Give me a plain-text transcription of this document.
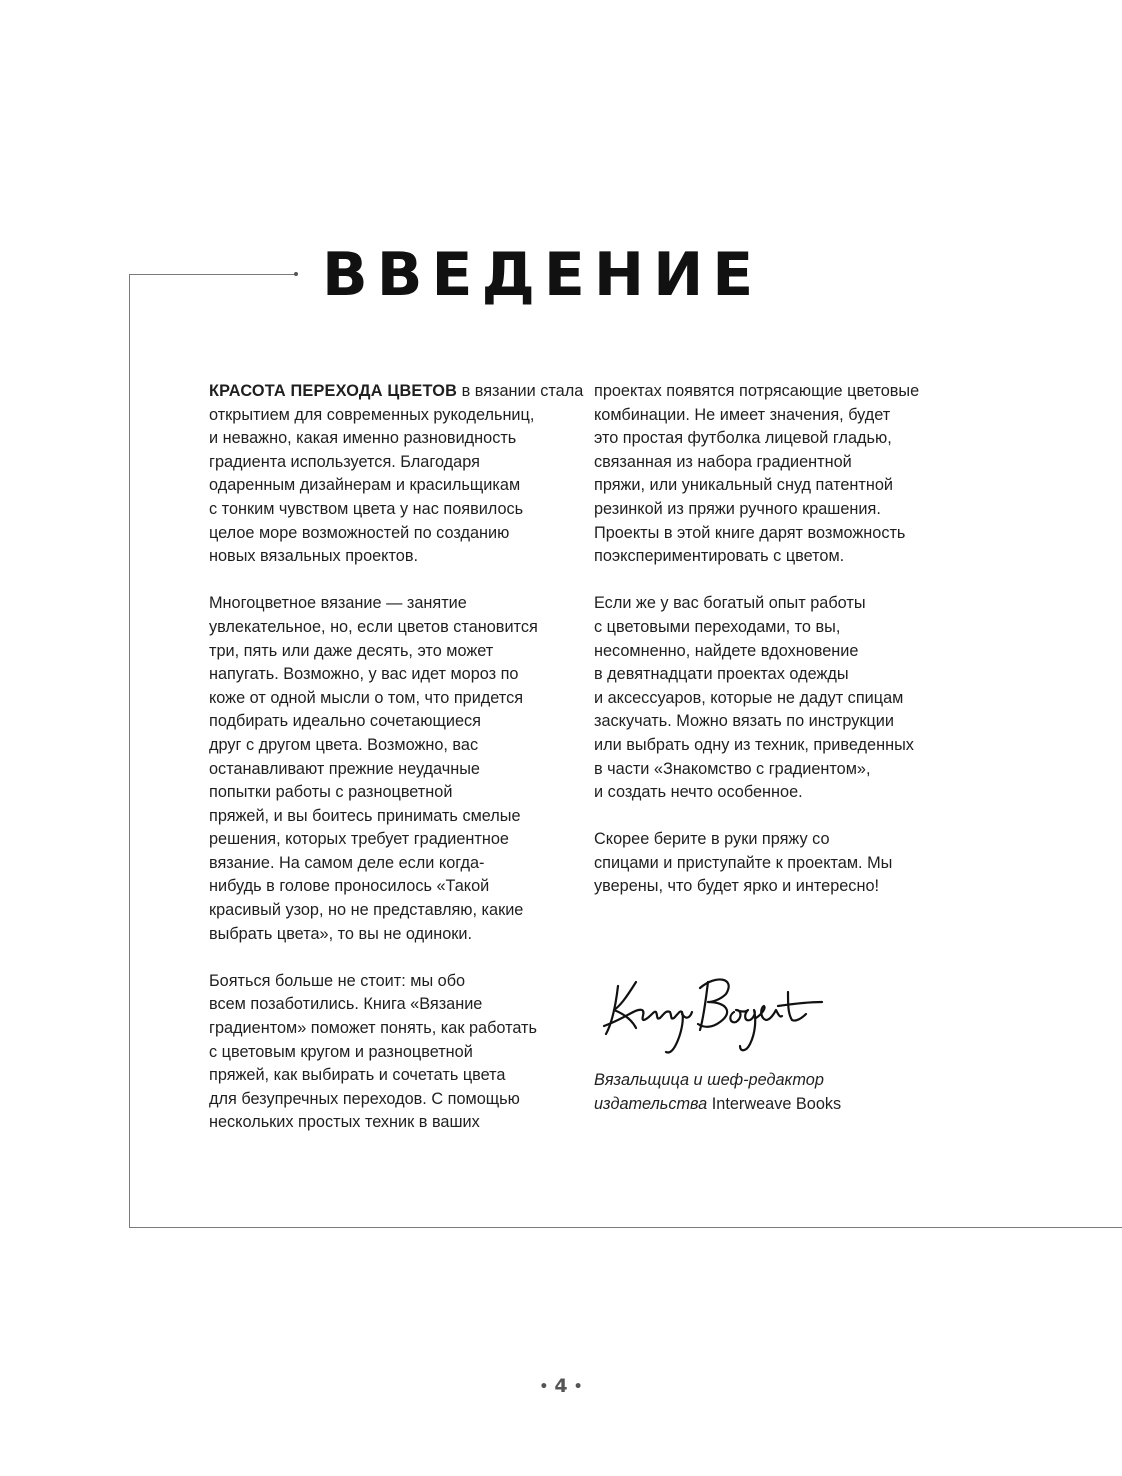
ВВЕДЕНИЕ

КРАСОТА ПЕРЕХОДА ЦВЕТОВ в вязании стала
открытием для современных рукодельниц,
и неважно, какая именно разновидность
градиента используется. Благодаря
одаренным дизайнерам и красильщикам
с тонким чувством цвета у нас появилось
целое море возможностей по созданию
новых вязальных проектов.

Многоцветное вязание — занятие
увлекательное, но, если цветов становится
три, пять или даже десять, это может
напугать. Возможно, у вас идет мороз по
коже от одной мысли о том, что придется
подбирать идеально сочетающиеся
друг с другом цвета. Возможно, вас
останавливают прежние неудачные
попытки работы с разноцветной
пряжей, и вы боитесь принимать смелые
решения, которых требует градиентное
вязание. На самом деле если когда-
нибудь в голове проносилось «Такой
красивый узор, но не представляю, какие
выбрать цвета», то вы не одиноки.

Бояться больше не стоит: мы обо
всем позаботились. Книга «Вязание
градиентом» поможет понять, как работать
с цветовым кругом и разноцветной
пряжей, как выбирать и сочетать цвета
для безупречных переходов. С помощью
нескольких простых техник в ваших

проектах появятся потрясающие цветовые
комбинации. Не имеет значения, будет
это простая футболка лицевой гладью,
связанная из набора градиентной
пряжи, или уникальный снуд патентной
резинкой из пряжи ручного крашения.
Проекты в этой книге дарят возможность
поэкспериментировать с цветом.

Если же у вас богатый опыт работы
с цветовыми переходами, то вы,
несомненно, найдете вдохновение
в девятнадцати проектах одежды
и аксессуаров, которые не дадут спицам
заскучать. Можно вязать по инструкции
или выбрать одну из техник, приведенных
в части «Знакомство с градиентом»,
и создать нечто особенное.

Скорее берите в руки пряжу со
спицами и приступайте к проектам. Мы
уверены, что будет ярко и интересно!

Вязальщица и шеф-редактор
издательства Interweave Books
• 4 •
